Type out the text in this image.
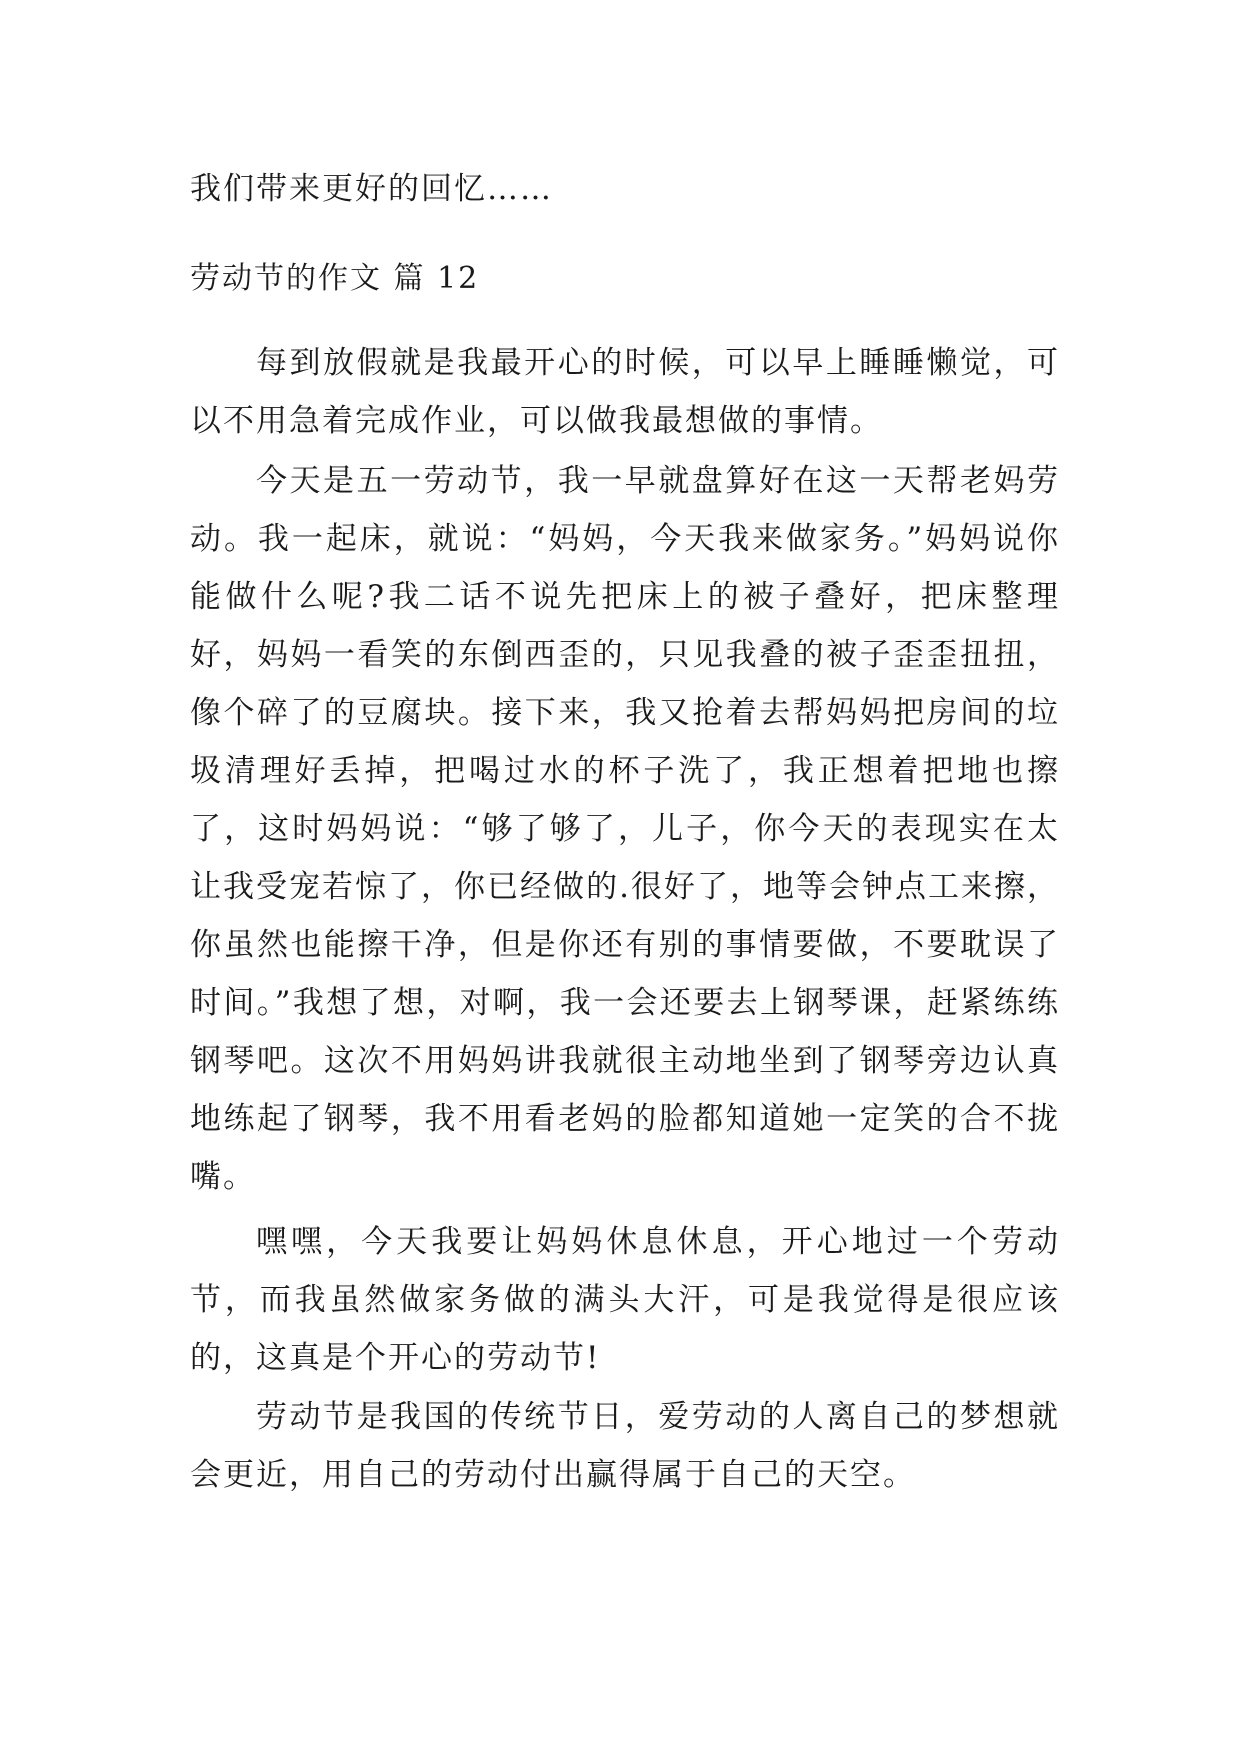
我们带来更好的回忆……
劳动节的作文 篇 12

每到放假就是我最开心的时候，可以早上睡睡懒觉，可以不用急着完成作业，可以做我最想做的事情。

今天是五一劳动节，我一早就盘算好在这一天帮老妈劳动。我一起床，就说：“妈妈，今天我来做家务。”妈妈说你能做什么呢?我二话不说先把床上的被子叠好，把床整理好，妈妈一看笑的东倒西歪的，只见我叠的被子歪歪扭扭，像个碎了的豆腐块。接下来，我又抢着去帮妈妈把房间的垃圾清理好丢掉，把喝过水的杯子洗了，我正想着把地也擦了，这时妈妈说：“够了够了，儿子，你今天的表现实在太让我受宠若惊了，你已经做的.很好了，地等会钟点工来擦，你虽然也能擦干净，但是你还有别的事情要做，不要耽误了时间。”我想了想，对啊，我一会还要去上钢琴课，赶紧练练钢琴吧。这次不用妈妈讲我就很主动地坐到了钢琴旁边认真地练起了钢琴，我不用看老妈的脸都知道她一定笑的合不拢嘴。

嘿嘿，今天我要让妈妈休息休息，开心地过一个劳动节，而我虽然做家务做的满头大汗，可是我觉得是很应该的，这真是个开心的劳动节!

劳动节是我国的传统节日，爱劳动的人离自己的梦想就会更近，用自己的劳动付出赢得属于自己的天空。
